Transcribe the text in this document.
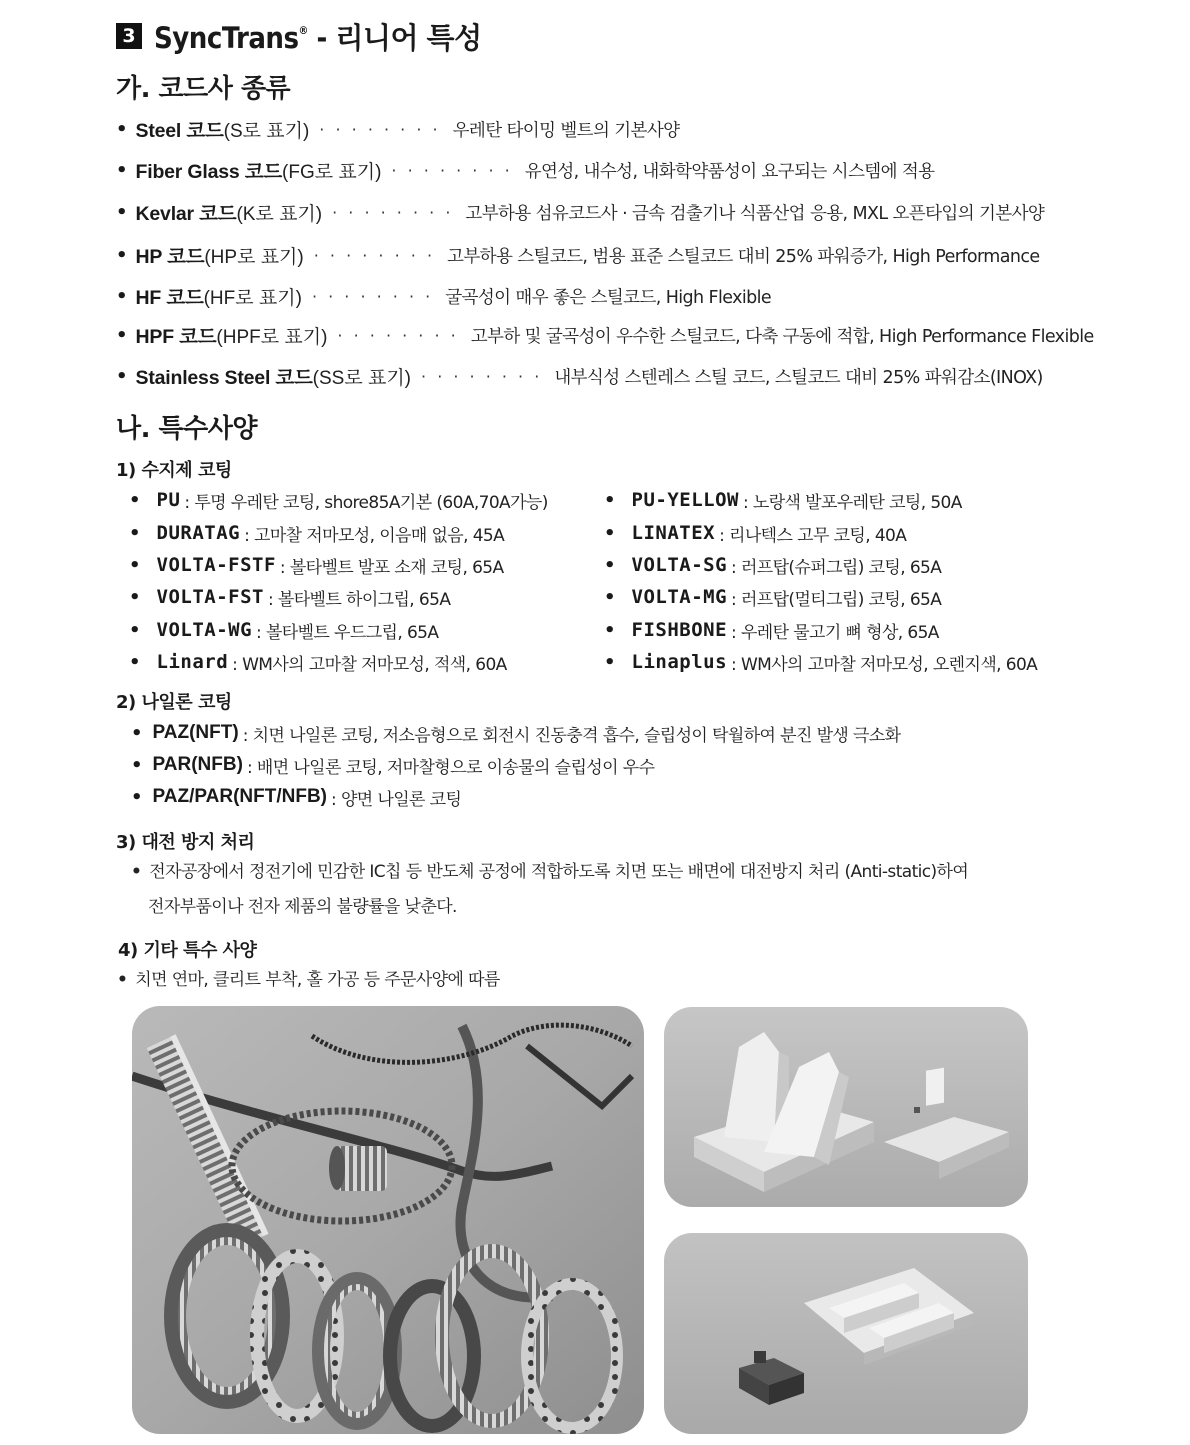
3 SyncTrans® - 리니어 특성
가. 코드사 종류
• Steel 코드 (S로 표기) · · · · · · · · 우레탄 타이밍 벨트의 기본사양
• Fiber Glass 코드 (FG로 표기) · · · · · · · · 유연성, 내수성, 내화학약품성이 요구되는 시스템에 적용
• Kevlar 코드 (K로 표기) · · · · · · · · 고부하용 섬유코드사 · 금속 검출기나 식품산업 응용, MXL 오픈타입의 기본사양
• HP 코드 (HP로 표기) · · · · · · · · 고부하용 스틸코드, 범용 표준 스틸코드 대비 25% 파워증가, High Performance
• HF 코드 (HF로 표기) · · · · · · · · 굴곡성이 매우 좋은 스틸코드, High Flexible
• HPF 코드 (HPF로 표기) · · · · · · · · 고부하 및 굴곡성이 우수한 스틸코드, 다축 구동에 적합, High Performance Flexible
• Stainless Steel 코드 (SS로 표기) · · · · · · · · 내부식성 스텐레스 스틸 코드, 스틸코드 대비 25% 파워감소(INOX)
나. 특수사양
1) 수지제 코팅
• PU : 투명 우레탄 코팅, shore85A기본 (60A,70A가능)
• DURATAG : 고마찰 저마모성, 이음매 없음, 45A
• VOLTA-FSTF : 볼타벨트 발포 소재 코팅, 65A
• VOLTA-FST : 볼타벨트 하이그립, 65A
• VOLTA-WG : 볼타벨트 우드그립, 65A
• Linard : WM사의 고마찰 저마모성, 적색, 60A
• PU-YELLOW : 노랑색 발포우레탄 코팅, 50A
• LINATEX : 리나텍스 고무 코팅, 40A
• VOLTA-SG : 러프탑(슈퍼그립) 코팅, 65A
• VOLTA-MG : 러프탑(멀티그립) 코팅, 65A
• FISHBONE : 우레탄 물고기 뼈 형상, 65A
• Linaplus : WM사의 고마찰 저마모성, 오렌지색, 60A
2) 나일론 코팅
• PAZ(NFT) : 치면 나일론 코팅, 저소음형으로 회전시 진동충격 흡수, 슬립성이 탁월하여 분진 발생 극소화
• PAR(NFB) : 배면 나일론 코팅, 저마찰형으로 이송물의 슬립성이 우수
• PAZ/PAR(NFT/NFB) : 양면 나일론 코팅
3) 대전 방지 처리
• 전자공장에서 정전기에 민감한 IC칩 등 반도체 공정에 적합하도록 치면 또는 배면에 대전방지 처리 (Anti-static)하여
전자부품이나 전자 제품의 불량률을 낮춘다.
4) 기타 특수 사양
• 치면 연마, 클리트 부착, 홀 가공 등 주문사양에 따름
